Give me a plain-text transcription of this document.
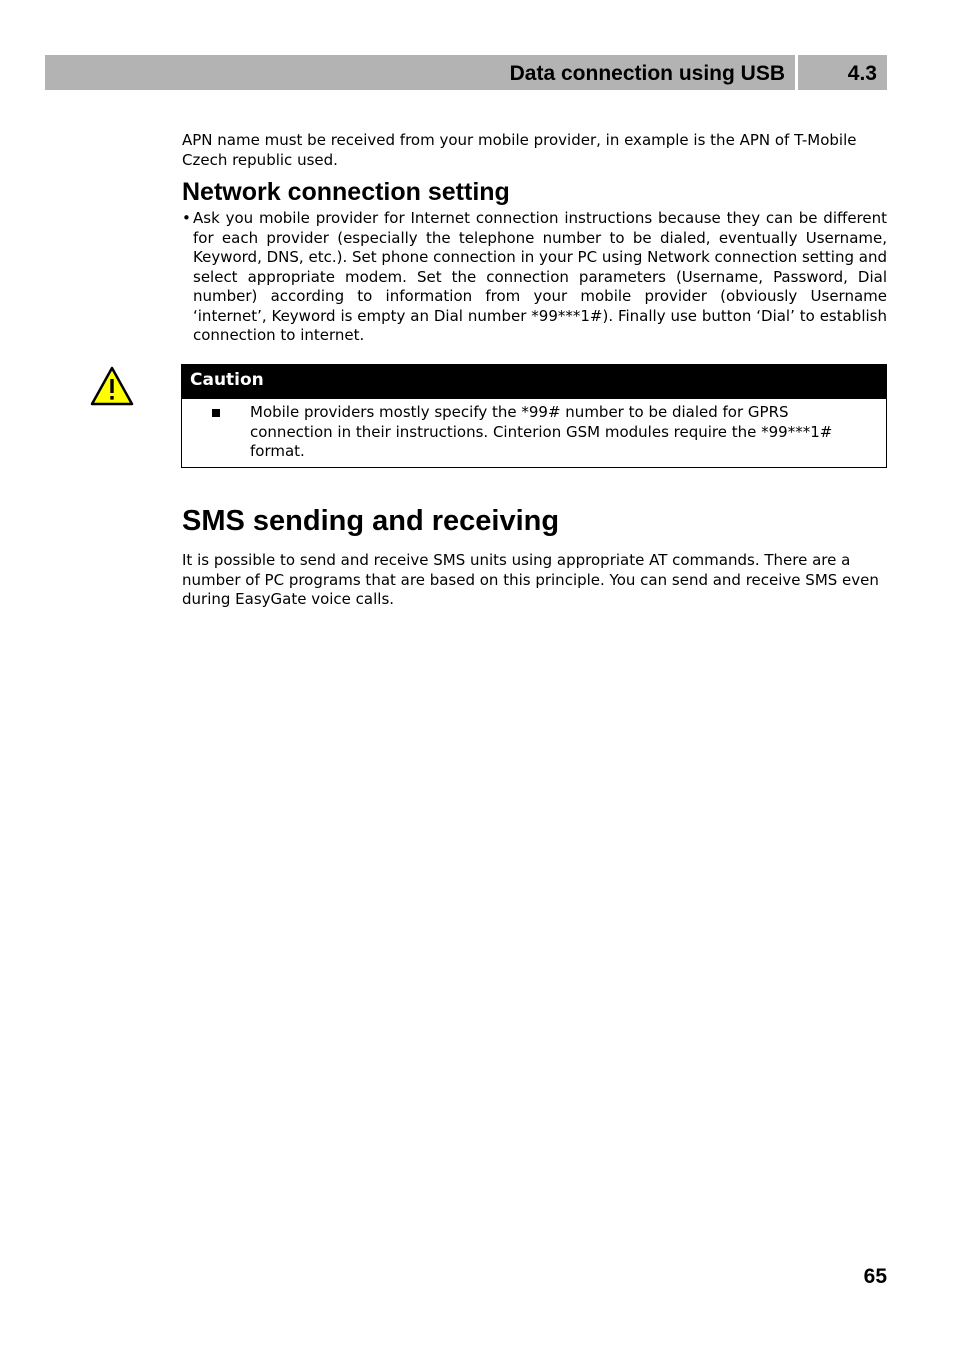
Data connection using USB	4.3
APN name must be received from your mobile provider, in example is the APN of T-Mobile Czech republic used.
Network connection setting
• Ask you mobile provider for Internet connection instructions because they can be different for each provider (especially the telephone number to be dialed, eventually Username, Keyword, DNS, etc.). Set phone connection in your PC using Network connection setting and select appropriate modem. Set the connection parameters (Username, Password, Dial number) according to information from your mobile provider (obviously Username ‘internet’, Keyword is empty an Dial number *99***1#). Finally use button ‘Dial’ to establish connection to internet.
Caution
Mobile providers mostly specify the *99# number to be dialed for GPRS connection in their instructions. Cinterion GSM modules require the *99***1# format.
SMS sending and receiving
It is possible to send and receive SMS units using appropriate AT commands. There are a number of PC programs that are based on this principle. You can send and receive SMS even during EasyGate voice calls.
65
